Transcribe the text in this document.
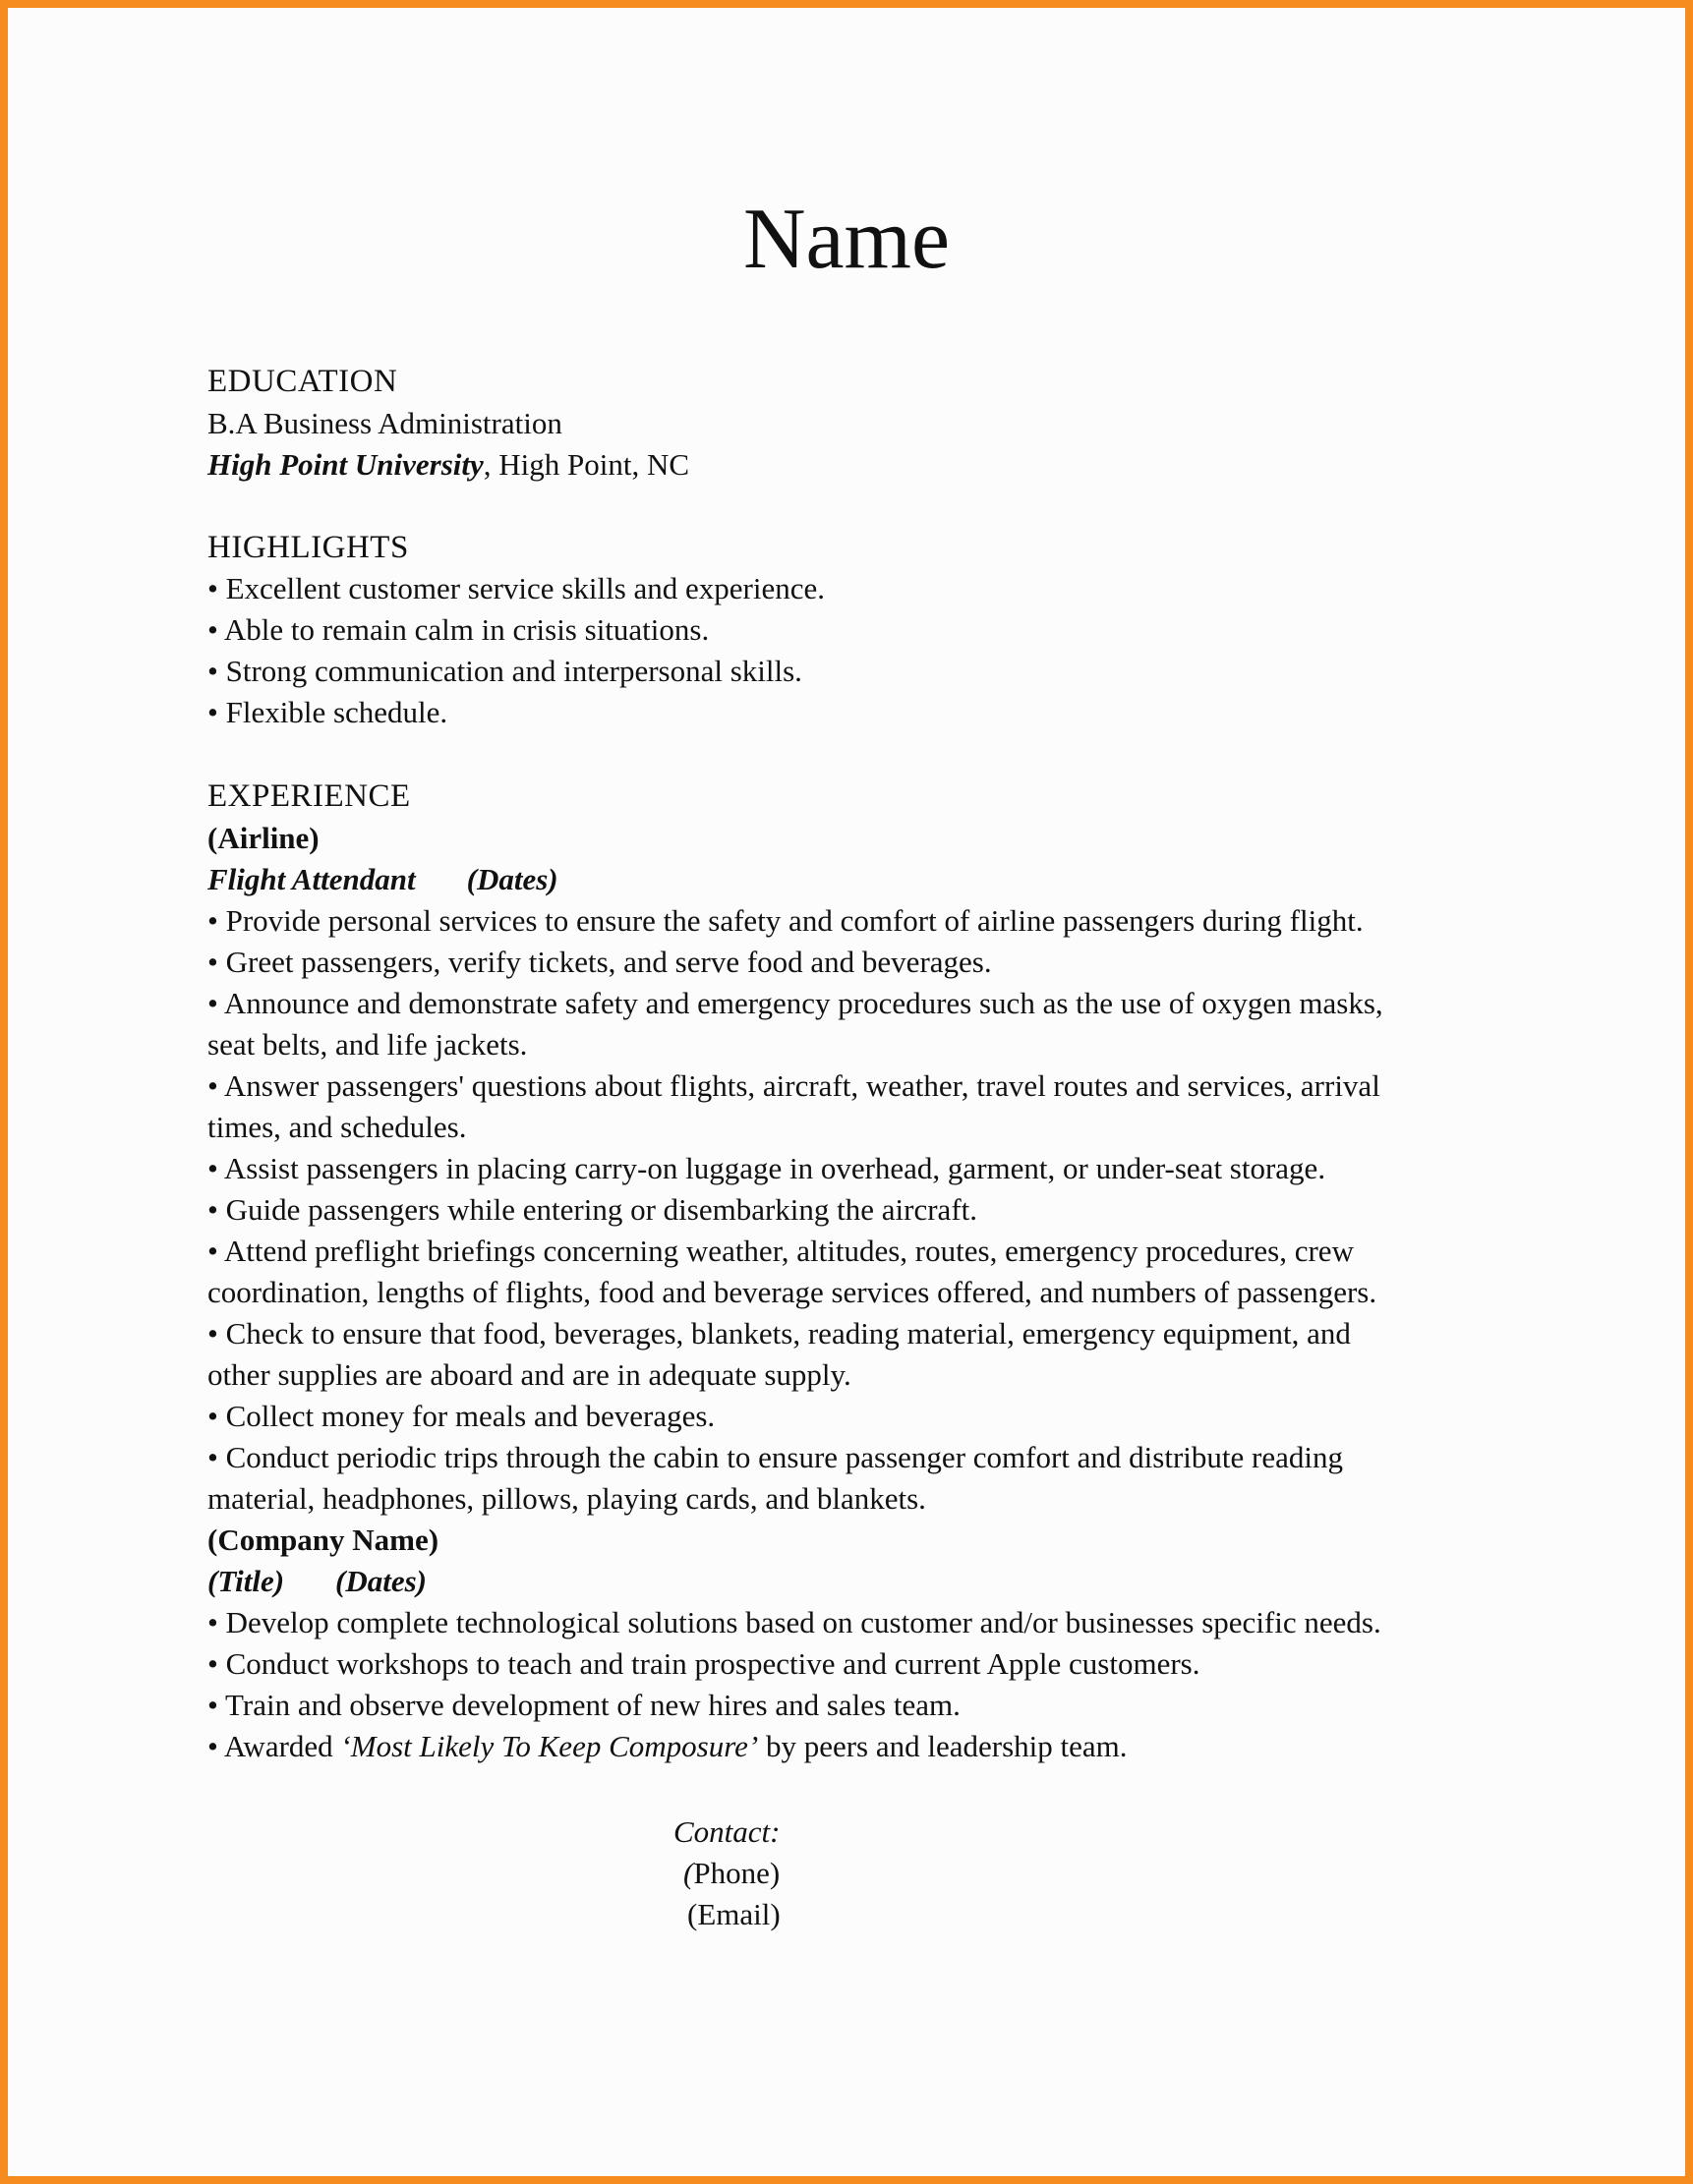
Name
EDUCATION
B.A Business Administration
High Point University, High Point, NC
HIGHLIGHTS
• Excellent customer service skills and experience.
• Able to remain calm in crisis situations.
• Strong communication and interpersonal skills.
• Flexible schedule.
EXPERIENCE
(Airline)
Flight Attendant (Dates)
• Provide personal services to ensure the safety and comfort of airline passengers during flight.
• Greet passengers, verify tickets, and serve food and beverages.
• Announce and demonstrate safety and emergency procedures such as the use of oxygen masks,
seat belts, and life jackets.
• Answer passengers' questions about flights, aircraft, weather, travel routes and services, arrival
times, and schedules.
• Assist passengers in placing carry-on luggage in overhead, garment, or under-seat storage.
• Guide passengers while entering or disembarking the aircraft.
• Attend preflight briefings concerning weather, altitudes, routes, emergency procedures, crew
coordination, lengths of flights, food and beverage services offered, and numbers of passengers.
• Check to ensure that food, beverages, blankets, reading material, emergency equipment, and
other supplies are aboard and are in adequate supply.
• Collect money for meals and beverages.
• Conduct periodic trips through the cabin to ensure passenger comfort and distribute reading
material, headphones, pillows, playing cards, and blankets.
(Company Name)
(Title) (Dates)
• Develop complete technological solutions based on customer and/or businesses specific needs.
• Conduct workshops to teach and train prospective and current Apple customers.
• Train and observe development of new hires and sales team.
• Awarded ‘Most Likely To Keep Composure’ by peers and leadership team.
Contact:
(Phone)
(Email)
